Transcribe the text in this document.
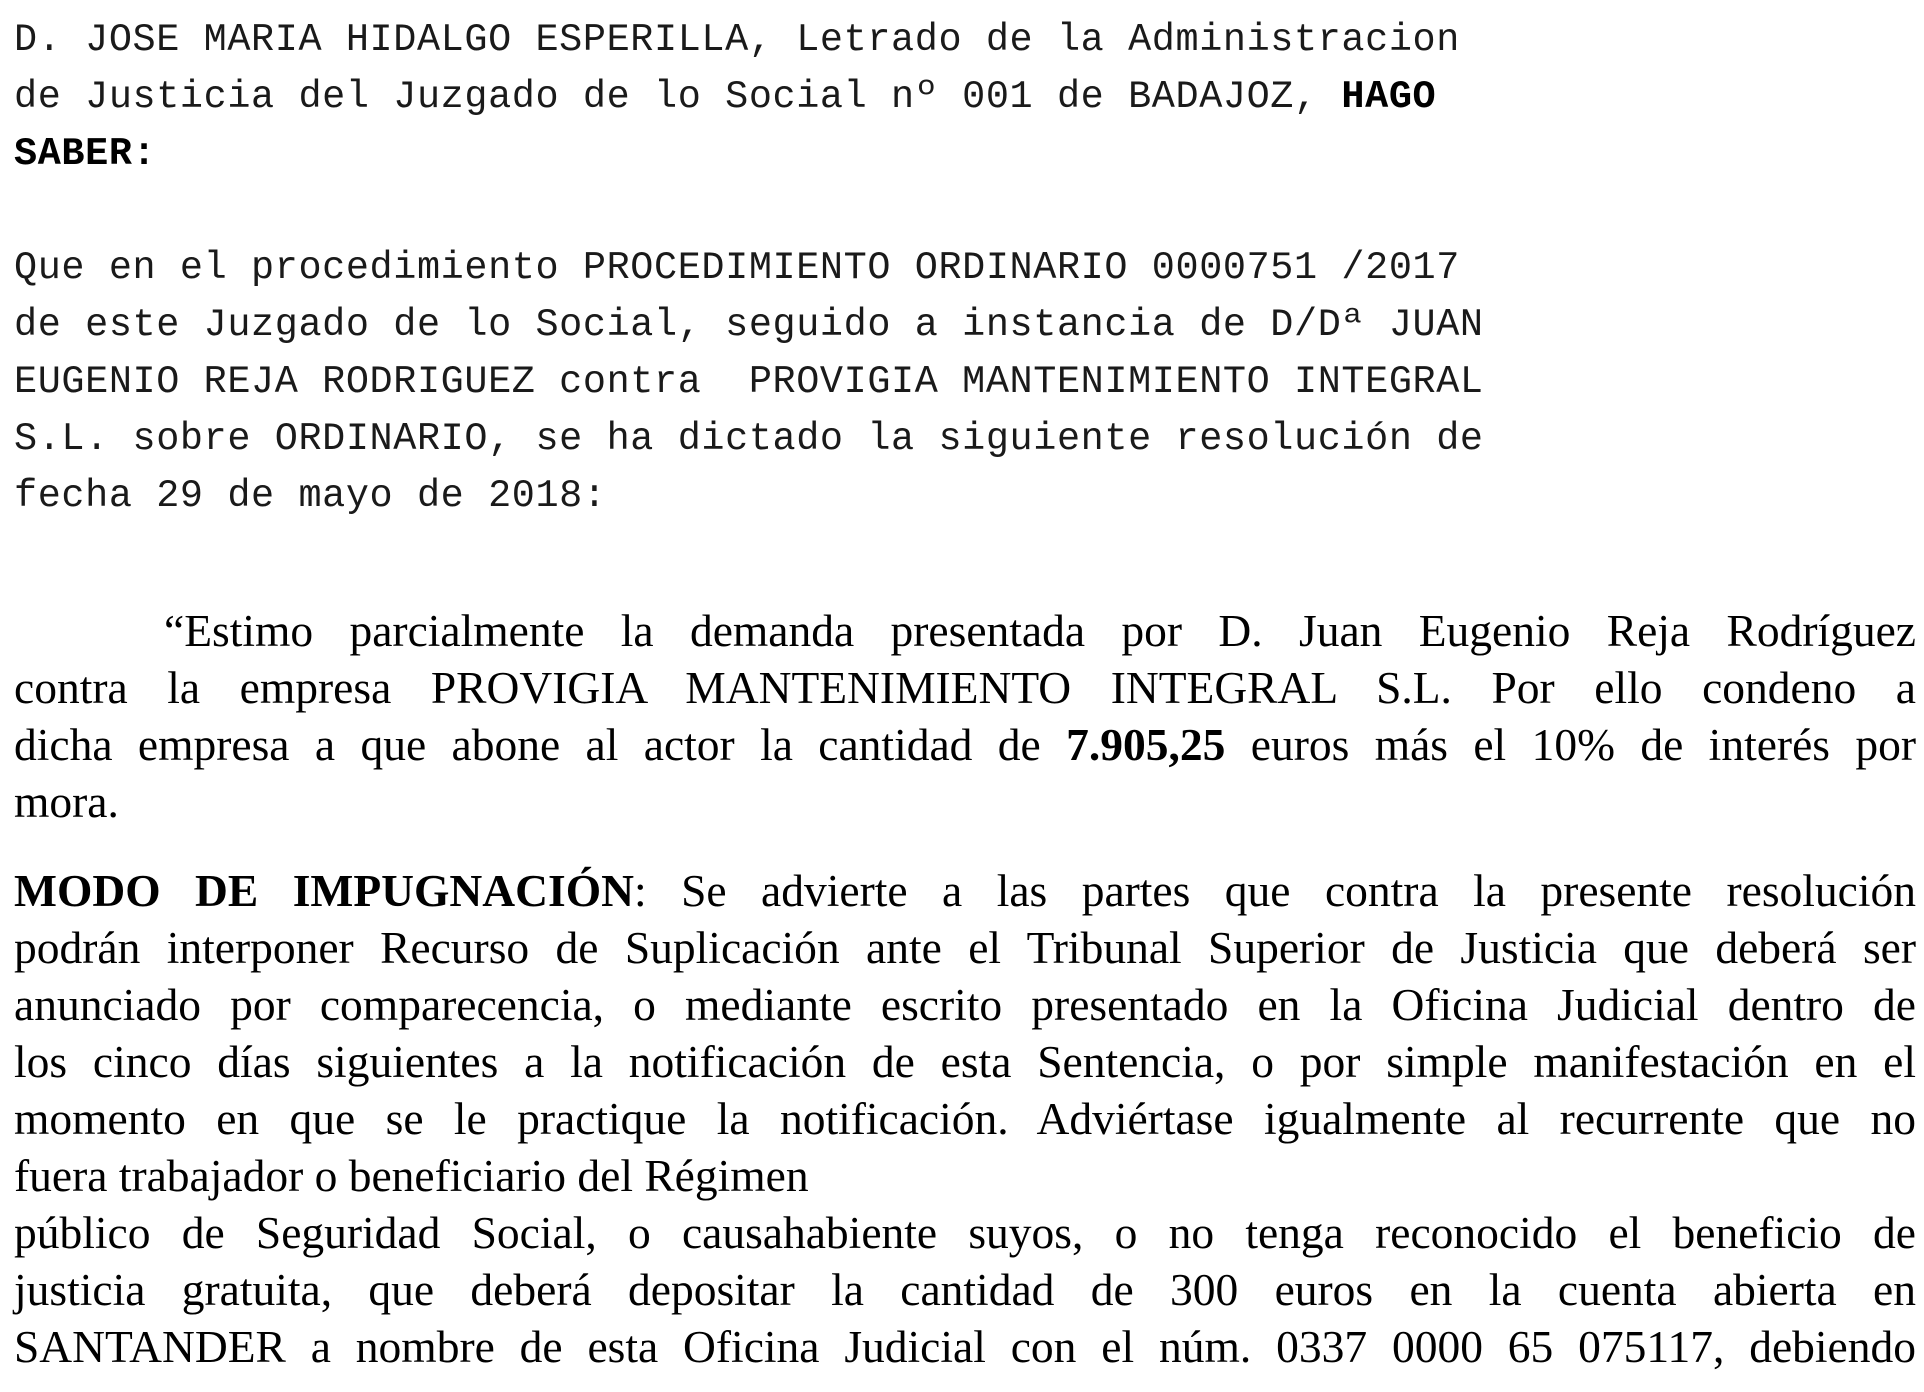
D. JOSE MARIA HIDALGO ESPERILLA, Letrado de la Administracion
de Justicia del Juzgado de lo Social nº 001 de BADAJOZ, HAGO
SABER:
Que en el procedimiento PROCEDIMIENTO ORDINARIO 0000751 /2017
de este Juzgado de lo Social, seguido a instancia de D/Dª JUAN
EUGENIO REJA RODRIGUEZ contra  PROVIGIA MANTENIMIENTO INTEGRAL
S.L. sobre ORDINARIO, se ha dictado la siguiente resolución de
fecha 29 de mayo de 2018:
“Estimo parcialmente la demanda presentada por D. Juan Eugenio Reja Rodríguez
contra la empresa PROVIGIA MANTENIMIENTO INTEGRAL S.L. Por ello condeno a
dicha empresa a que abone al actor la cantidad de 7.905,25 euros más el 10% de interés por
mora.
MODO DE IMPUGNACIÓN: Se advierte a las partes que contra la presente resolución
podrán interponer Recurso de Suplicación ante el Tribunal Superior de Justicia que deberá ser
anunciado por comparecencia, o mediante escrito presentado en la Oficina Judicial dentro de
los cinco días siguientes a la notificación de esta Sentencia, o por simple manifestación en el
momento en que se le practique la notificación. Adviértase igualmente al recurrente que no
fuera trabajador o beneficiario del Régimen
público de Seguridad Social, o causahabiente suyos, o no tenga reconocido el beneficio de
justicia gratuita, que deberá depositar la cantidad de 300 euros en la cuenta abierta en
SANTANDER a nombre de esta Oficina Judicial con el núm. 0337 0000 65 075117, debiendo
